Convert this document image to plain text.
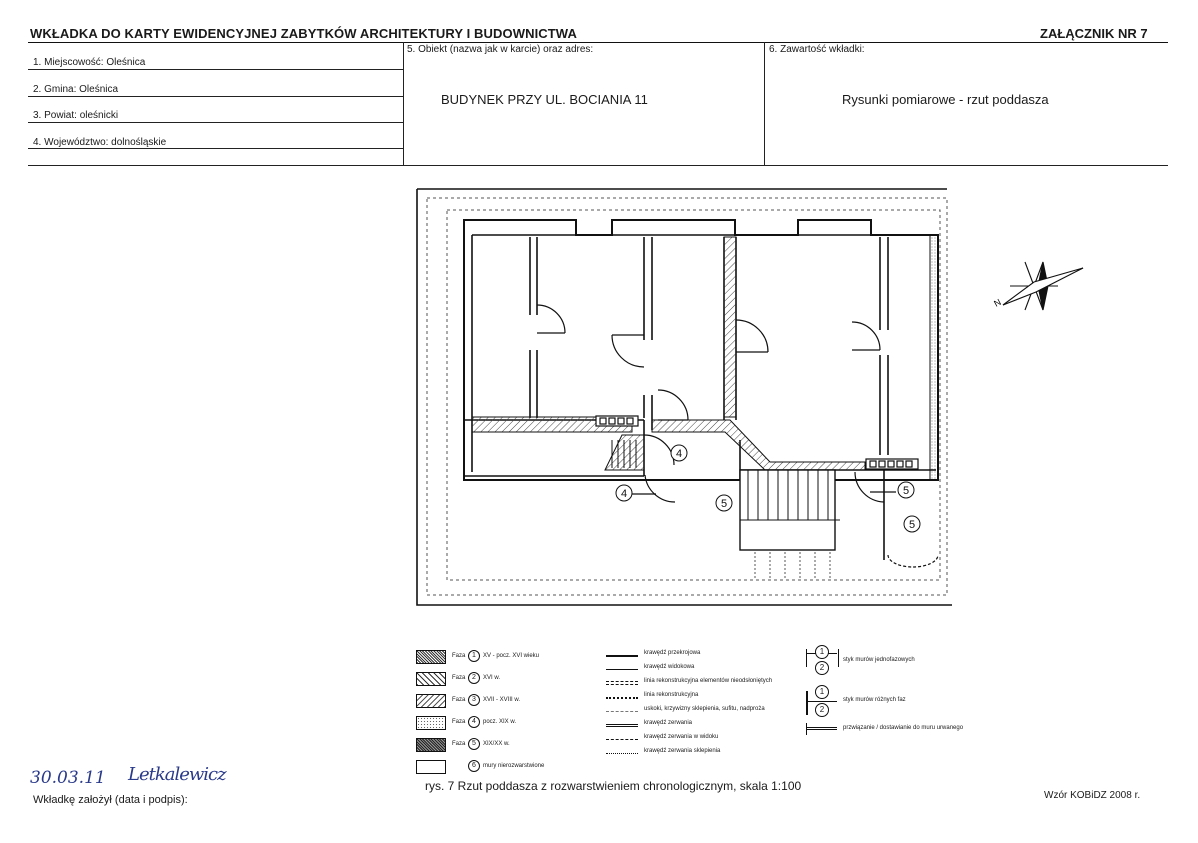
WKŁADKA DO KARTY EWIDENCYJNEJ ZABYTKÓW ARCHITEKTURY I BUDOWNICTWA	ZAŁĄCZNIK NR 7
1. Miejscowość: Oleśnica
2. Gmina: Oleśnica
3. Powiat: oleśnicki
4. Województwo: dolnośląskie
5. Obiekt (nazwa jak w karcie) oraz adres:
BUDYNEK PRZY UL. BOCIANIA 11
6. Zawartość wkładki:
Rysunki pomiarowe - rzut poddasza
N
4
4
5
5
5
Faza 1	XV - pocz. XVI wieku
Faza 2	XVI w.
Faza 3	XVII - XVIII w.
Faza 4	pocz. XIX w.
Faza 5	XIX/XX w.
6	mury nierozwarstwione
krawędź przekrojowa
krawędź widokowa
linia rekonstrukcyjna elementów nieodsłoniętych
linia rekonstrukcyjna
uskoki, krzywizny sklepienia, sufitu, nadproża
krawędź zerwania
krawędź zerwania w widoku
krawędź zerwania sklepienia
1
2
styk murów jednofazowych
1
2
styk murów różnych faz
przwiązanie / dostawianie do muru urwanego
30.03.11 Letkalewicz
Wkładkę założył (data i podpis):
rys. 7 Rzut poddasza z rozwarstwieniem chronologicznym, skala 1:100
Wzór KOBiDZ 2008 r.
